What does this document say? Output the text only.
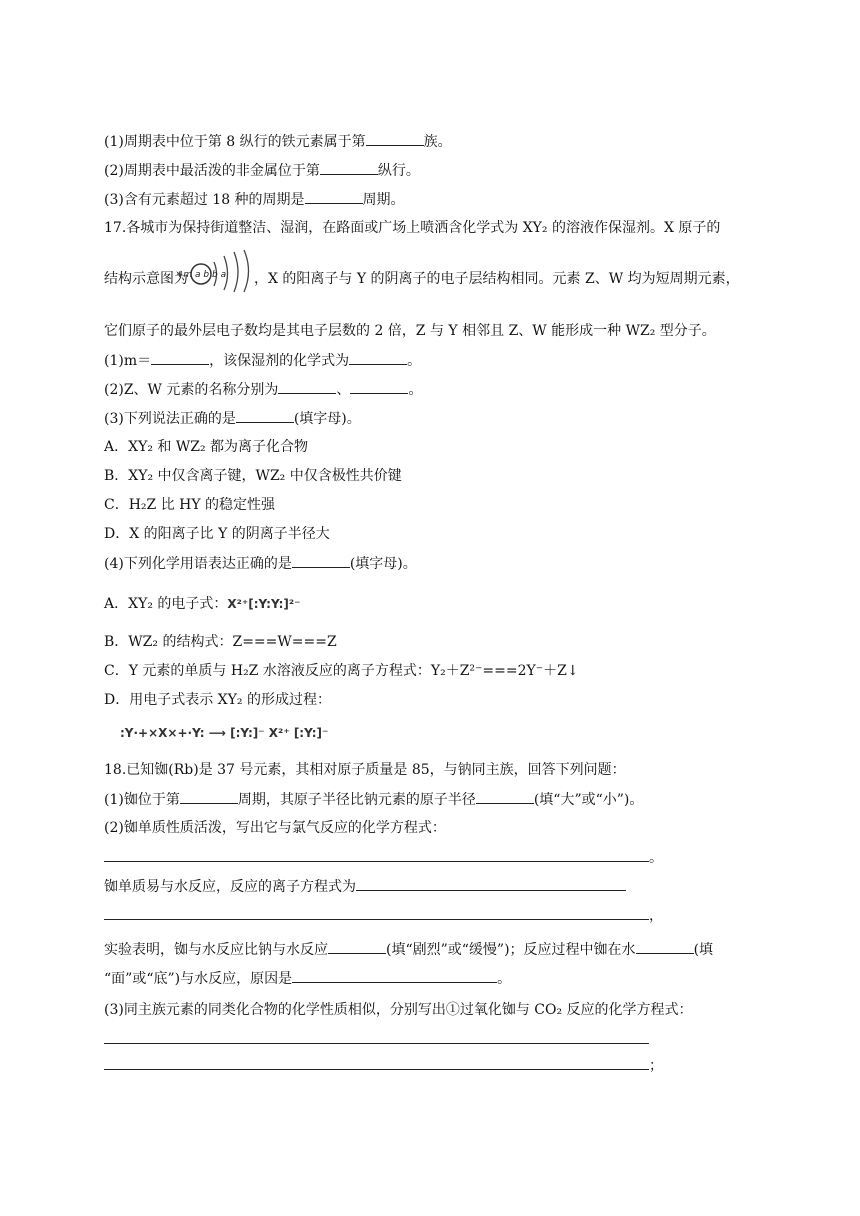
(1)周期表中位于第 8 纵行的铁元素属于第	族。
(2)周期表中最活泼的非金属位于第	纵行。
(3)含有元素超过 18 种的周期是	周期。
17.各城市为保持街道整洁、湿润，在路面或广场上喷洒含化学式为 XY₂ 的溶液作保湿剂。X 原子的
结构示意图为
+m a b b a ，X 的阳离子与 Y 的阴离子的电子层结构相同。元素 Z、W 均为短周期元素，
它们原子的最外层电子数均是其电子层数的 2 倍，Z 与 Y 相邻且 Z、W 能形成一种 WZ₂ 型分子。
(1)m＝	，该保湿剂的化学式为	。
(2)Z、W 元素的名称分别为	、	。
(3)下列说法正确的是	(填字母)。
A．XY₂ 和 WZ₂ 都为离子化合物
B．XY₂ 中仅含离子键，WZ₂ 中仅含极性共价键
C．H₂Z 比 HY 的稳定性强
D．X 的阳离子比 Y 的阴离子半径大
(4)下列化学用语表达正确的是	(填字母)。
A．XY₂ 的电子式：X²⁺[:Y:Y:]²⁻
B．WZ₂ 的结构式：Z===W===Z
C．Y 元素的单质与 H₂Z 水溶液反应的离子方程式：Y₂＋Z²⁻===2Y⁻＋Z↓
D．用电子式表示 XY₂ 的形成过程：
:Y·+×X×+·Y: ⟶ [:Y:]⁻ X²⁺ [:Y:]⁻
18.已知铷(Rb)是 37 号元素，其相对原子质量是 85，与钠同主族，回答下列问题：
(1)铷位于第	周期，其原子半径比钠元素的原子半径	(填“大”或“小”)。
(2)铷单质性质活泼，写出它与氯气反应的化学方程式：
。
铷单质易与水反应，反应的离子方程式为
，
实验表明，铷与水反应比钠与水反应	(填“剧烈”或“缓慢”)；反应过程中铷在水	(填
“面”或“底”)与水反应，原因是	。
(3)同主族元素的同类化合物的化学性质相似，分别写出①过氧化铷与 CO₂ 反应的化学方程式：
；
